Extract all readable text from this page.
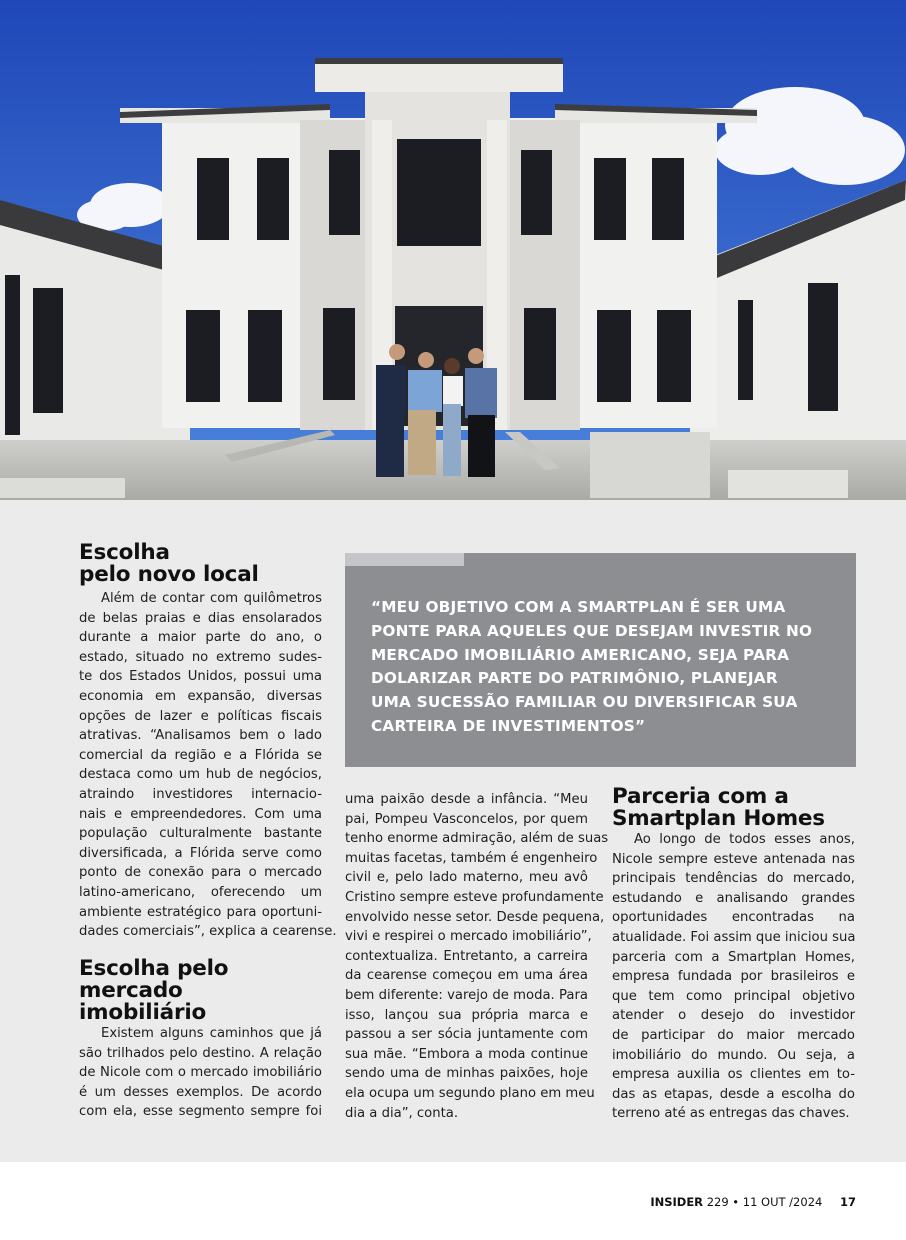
Escolha
pelo novo local
Além de contar com quilômetros
de belas praias e dias ensolarados
durante a maior parte do ano, o
estado, situado no extremo sudes-
te dos Estados Unidos, possui uma
economia em expansão, diversas
opções de lazer e políticas fiscais
atrativas. “Analisamos bem o lado
comercial da região e a Flórida se
destaca como um hub de negócios,
atraindo investidores internacio-
nais e empreendedores. Com uma
população culturalmente bastante
diversificada, a Flórida serve como
ponto de conexão para o mercado
latino-americano, oferecendo um
ambiente estratégico para oportuni-
dades comerciais”, explica a cearense.
Escolha pelo
mercado
imobiliário
Existem alguns caminhos que já
são trilhados pelo destino. A relação
de Nicole com o mercado imobiliário
é um desses exemplos. De acordo
com ela, esse segmento sempre foi
“MEU OBJETIVO COM A SMARTPLAN É SER UMA
PONTE PARA AQUELES QUE DESEJAM INVESTIR NO
MERCADO IMOBILIÁRIO AMERICANO, SEJA PARA
DOLARIZAR PARTE DO PATRIMÔNIO, PLANEJAR
UMA SUCESSÃO FAMILIAR OU DIVERSIFICAR SUA
CARTEIRA DE INVESTIMENTOS”
uma paixão desde a infância. “Meu
pai, Pompeu Vasconcelos, por quem
tenho enorme admiração, além de suas
muitas facetas, também é engenheiro
civil e, pelo lado materno, meu avô
Cristino sempre esteve profundamente
envolvido nesse setor. Desde pequena,
vivi e respirei o mercado imobiliário”,
contextualiza. Entretanto, a carreira
da cearense começou em uma área
bem diferente: varejo de moda. Para
isso, lançou sua própria marca e
passou a ser sócia juntamente com
sua mãe. “Embora a moda continue
sendo uma de minhas paixões, hoje
ela ocupa um segundo plano em meu
dia a dia”, conta.
Parceria com a
Smartplan Homes
Ao longo de todos esses anos,
Nicole sempre esteve antenada nas
principais tendências do mercado,
estudando e analisando grandes
oportunidades encontradas na
atualidade. Foi assim que iniciou sua
parceria com a Smartplan Homes,
empresa fundada por brasileiros e
que tem como principal objetivo
atender o desejo do investidor
de participar do maior mercado
imobiliário do mundo. Ou seja, a
empresa auxilia os clientes em to-
das as etapas, desde a escolha do
terreno até as entregas das chaves.
INSIDER 229 • 11 OUT /2024 17
